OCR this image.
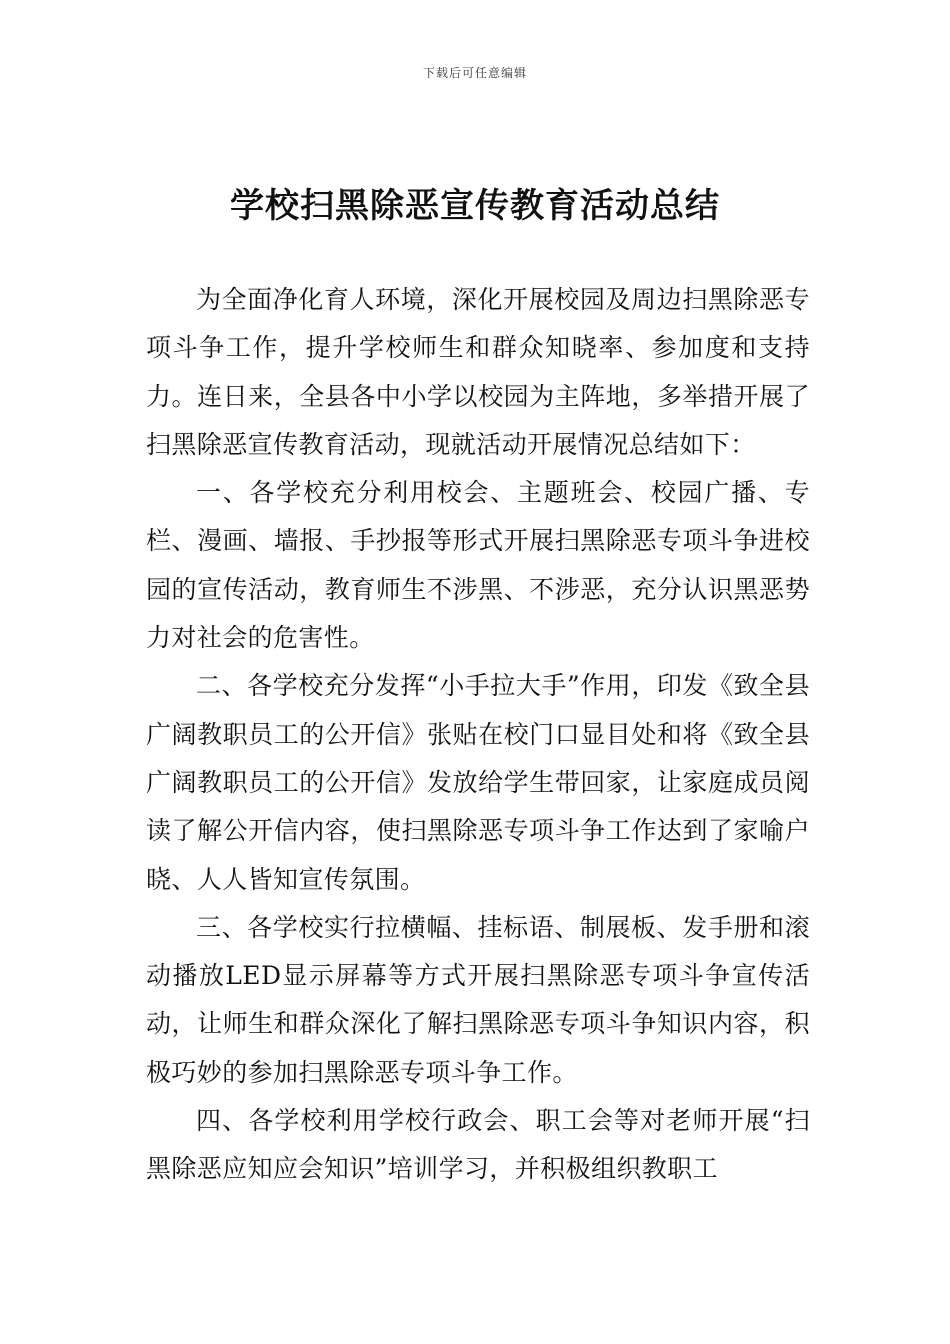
下载后可任意编辑
学校扫黑除恶宣传教育活动总结

为全面净化育人环境，深化开展校园及周边扫黑除恶专项斗争工作，提升学校师生和群众知晓率、参加度和支持力。连日来，全县各中小学以校园为主阵地，多举措开展了扫黑除恶宣传教育活动，现就活动开展情况总结如下：

一、各学校充分利用校会、主题班会、校园广播、专栏、漫画、墙报、手抄报等形式开展扫黑除恶专项斗争进校园的宣传活动，教育师生不涉黑、不涉恶，充分认识黑恶势力对社会的危害性。

二、各学校充分发挥“小手拉大手”作用，印发《致全县广阔教职员工的公开信》张贴在校门口显目处和将《致全县广阔教职员工的公开信》发放给学生带回家，让家庭成员阅读了解公开信内容，使扫黑除恶专项斗争工作达到了家喻户晓、人人皆知宣传氛围。

三、各学校实行拉横幅、挂标语、制展板、发手册和滚动播放LED显示屏幕等方式开展扫黑除恶专项斗争宣传活动，让师生和群众深化了解扫黑除恶专项斗争知识内容，积极巧妙的参加扫黑除恶专项斗争工作。

四、各学校利用学校行政会、职工会等对老师开展“扫黑除恶应知应会知识”培训学习，并积极组织教职工
